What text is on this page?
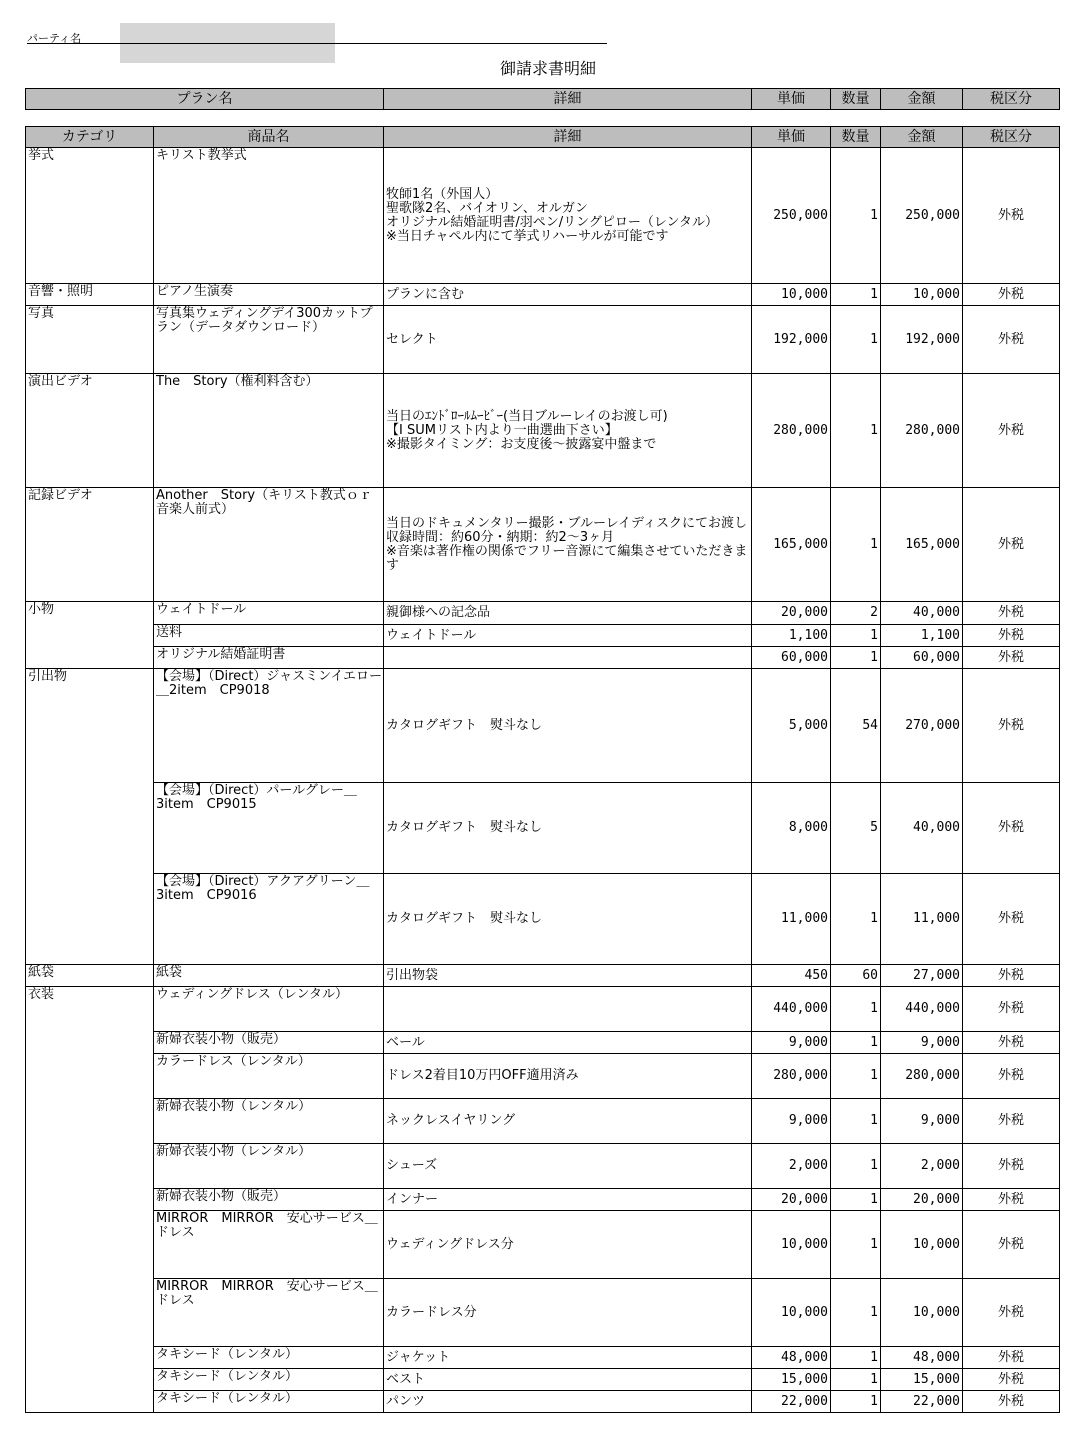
パーティ名
御請求書明細
プラン名	詳細	単価	数量	金額	税区分
カテゴリ	商品名	詳細	単価	数量	金額	税区分
挙式	キリスト教挙式	牧師1名（外国人）
聖歌隊2名、バイオリン、オルガン
オリジナル結婚証明書/羽ペン/リングピロー（レンタル）
※当日チャペル内にて挙式リハーサルが可能です	250,000	1	250,000	外税
音響・照明	ピアノ生演奏	プランに含む	10,000	1	10,000	外税
写真	写真集ウェディングデイ300カットプラン（データダウンロード）	セレクト	192,000	1	192,000	外税
演出ビデオ	The　Story（権利料含む）	当日のｴﾝﾄﾞﾛｰﾙﾑｰﾋﾞｰ(当日ブルーレイのお渡し可)
【I SUMリスト内より一曲選曲下さい】
※撮影タイミング：お支度後～披露宴中盤まで	280,000	1	280,000	外税
記録ビデオ	Another　Story（キリスト教式ｏｒ音楽人前式）	当日のドキュメンタリー撮影・ブルーレイディスクにてお渡し
収録時間：約60分・納期：約2～3ヶ月
※音楽は著作権の関係でフリー音源にて編集させていただきます	165,000	1	165,000	外税
小物	ウェイトドール	親御様への記念品	20,000	2	40,000	外税
	送料	ウェイトドール	1,100	1	1,100	外税
	オリジナル結婚証明書		60,000	1	60,000	外税
引出物	【会場】（Direct）ジャスミンイエロー＿2item　CP9018	カタログギフト　熨斗なし	5,000	54	270,000	外税
	【会場】（Direct）パールグレー＿3item　CP9015	カタログギフト　熨斗なし	8,000	5	40,000	外税
	【会場】（Direct）アクアグリーン＿3item　CP9016	カタログギフト　熨斗なし	11,000	1	11,000	外税
紙袋	紙袋	引出物袋	450	60	27,000	外税
衣装	ウェディングドレス（レンタル）		440,000	1	440,000	外税
	新婦衣装小物（販売）	ベール	9,000	1	9,000	外税
	カラードレス（レンタル）	ドレス2着目10万円OFF適用済み	280,000	1	280,000	外税
	新婦衣装小物（レンタル）	ネックレスイヤリング	9,000	1	9,000	外税
	新婦衣装小物（レンタル）	シューズ	2,000	1	2,000	外税
	新婦衣装小物（販売）	インナー	20,000	1	20,000	外税
	MIRROR　MIRROR　安心サービス＿ドレス	ウェディングドレス分	10,000	1	10,000	外税
	MIRROR　MIRROR　安心サービス＿ドレス	カラードレス分	10,000	1	10,000	外税
	タキシード（レンタル）	ジャケット	48,000	1	48,000	外税
	タキシード（レンタル）	ベスト	15,000	1	15,000	外税
	タキシード（レンタル）	パンツ	22,000	1	22,000	外税
